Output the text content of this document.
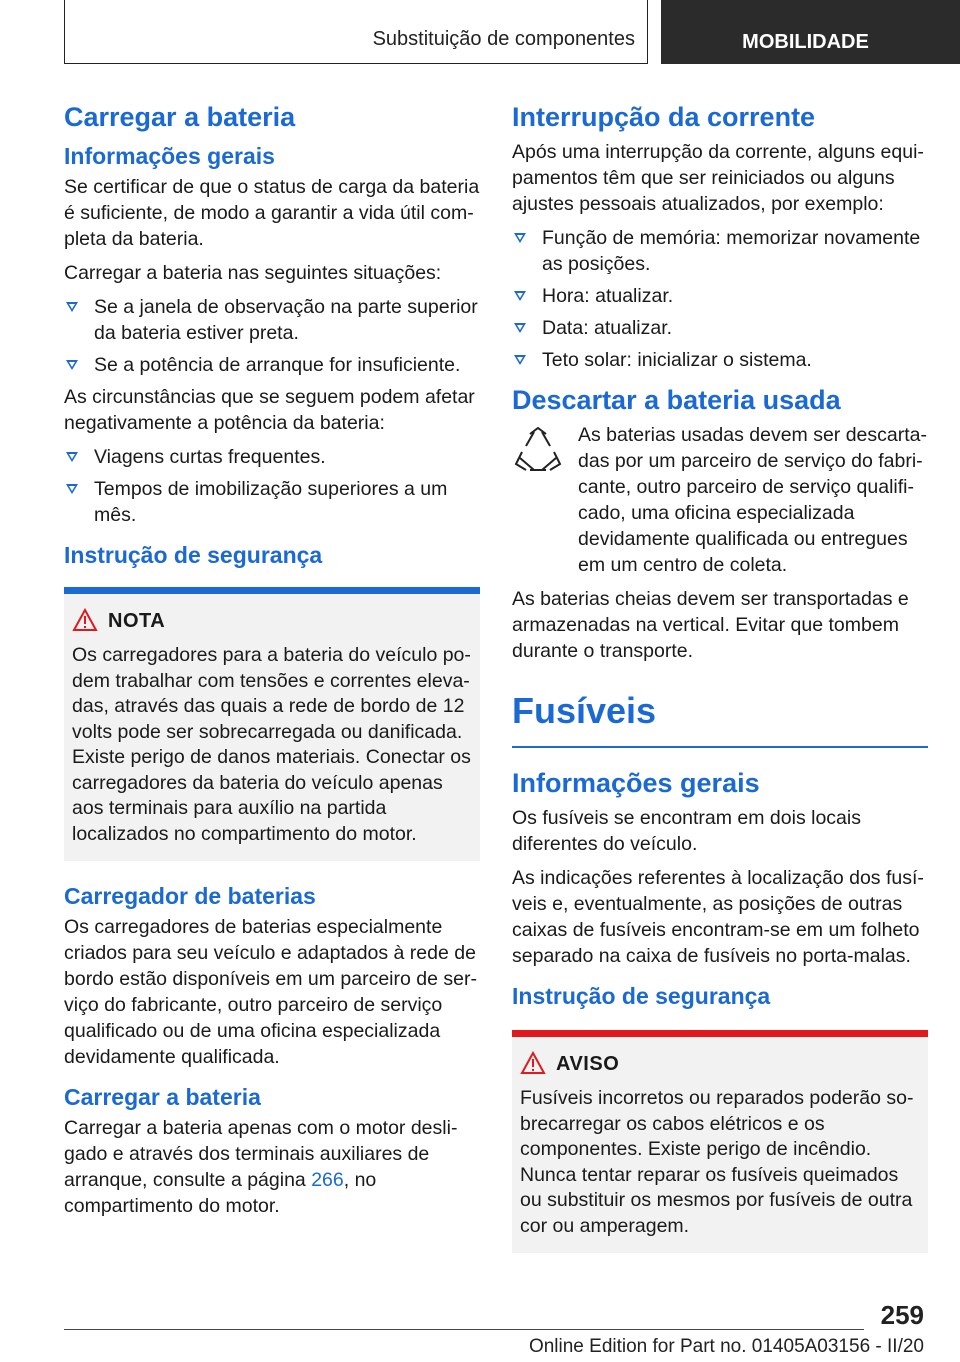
Substituição de componentes	MOBILIDADE
Carregar a bateria
Informações gerais

Se certificar de que o status de carga da bateria é suficiente, de modo a garantir a vida útil completa da bateria.

Carregar a bateria nas seguintes situações:

Se a janela de observação na parte superior da bateria estiver preta.
Se a potência de arranque for insuficiente.

As circunstâncias que se seguem podem afetar negativamente a potência da bateria:

Viagens curtas frequentes.
Tempos de imobilização superiores a um mês.
Instrução de segurança
NOTA

Os carregadores para a bateria do veículo podem trabalhar com tensões e correntes elevadas, através das quais a rede de bordo de 12 volts pode ser sobrecarregada ou danificada. Existe perigo de danos materiais. Conectar os carregadores da bateria do veículo apenas aos terminais para auxílio na partida localizados no compartimento do motor.

Carregador de baterias

Os carregadores de baterias especialmente criados para seu veículo e adaptados à rede de bordo estão disponíveis em um parceiro de serviço do fabricante, outro parceiro de serviço qualificado ou de uma oficina especializada devidamente qualificada.

Carregar a bateria

Carregar a bateria apenas com o motor desligado e através dos terminais auxiliares de arranque, consulte a página 266, no compartimento do motor.

Interrupção da corrente

Após uma interrupção da corrente, alguns equipamentos têm que ser reiniciados ou alguns ajustes pessoais atualizados, por exemplo:

Função de memória: memorizar novamente as posições.
Hora: atualizar.
Data: atualizar.
Teto solar: inicializar o sistema.
Descartar a bateria usada

As baterias usadas devem ser descartadas por um parceiro de serviço do fabricante, outro parceiro de serviço qualificado, uma oficina especializada devidamente qualificada ou entregues em um centro de coleta.

As baterias cheias devem ser transportadas e armazenadas na vertical. Evitar que tombem durante o transporte.

Fusíveis
Informações gerais

Os fusíveis se encontram em dois locais diferentes do veículo.

As indicações referentes à localização dos fusíveis e, eventualmente, as posições de outras caixas de fusíveis encontram-se em um folheto separado na caixa de fusíveis no porta-malas.

Instrução de segurança
AVISO

Fusíveis incorretos ou reparados poderão sobrecarregar os cabos elétricos e os componentes. Existe perigo de incêndio. Nunca tentar reparar os fusíveis queimados ou substituir os mesmos por fusíveis de outra cor ou amperagem.

259
Online Edition for Part no. 01405A03156 - II/20
